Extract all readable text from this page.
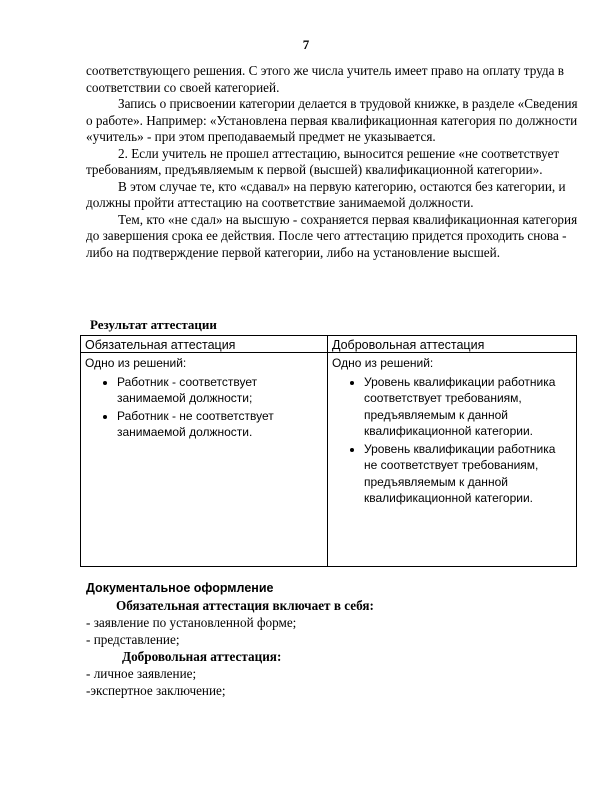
7

соответствующего решения. С этого же числа учитель имеет право на оплату труда в соответствии со своей категорией.

Запись о присвоении категории делается в трудовой книжке, в разделе «Сведения о работе». Например: «Установлена первая квалификационная категория по должности «учитель» - при этом преподаваемый предмет не указывается.

2. Если учитель не прошел аттестацию, выносится решение «не соответствует требованиям, предъявляемым к первой (высшей) квалификационной категории».

В этом случае те, кто «сдавал» на первую категорию, остаются без категории, и должны пройти аттестацию на соответствие занимаемой должности.

Тем, кто «не сдал» на высшую - сохраняется первая квалификационная категория до завершения срока ее действия. После чего аттестацию придется проходить снова - либо на подтверждение первой категории, либо на установление высшей.

Результат аттестации
Обязательная аттестация
Одно из решений:
• Работник - соответствует занимаемой должности;
• Работник - не соответствует занимаемой должности.
Добровольная аттестация
Одно из решений:
• Уровень квалификации работника соответствует требованиям, предъявляемым к данной квалификационной категории.
• Уровень квалификации работника не соответствует требованиям, предъявляемым к данной квалификационной категории.

Документальное оформление

Обязательная аттестация включает в себя:

- заявление по установленной форме;

- представление;

Добровольная аттестация:

- личное заявление;

-экспертное заключение;
